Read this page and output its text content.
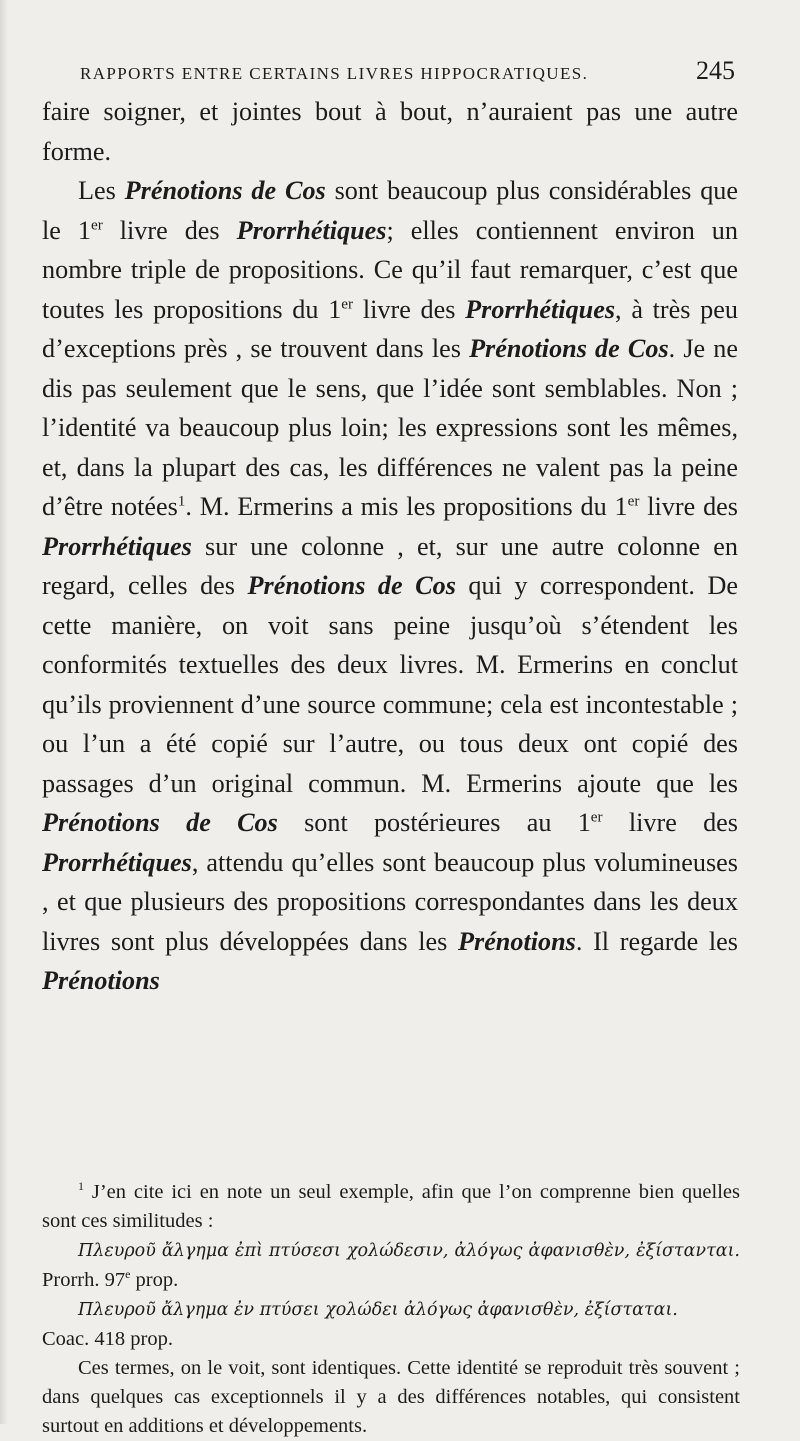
RAPPORTS ENTRE CERTAINS LIVRES HIPPOCRATIQUES.	245

faire soigner, et jointes bout à bout, n’auraient pas une autre forme.

Les Prénotions de Cos sont beaucoup plus considérables que le 1er livre des Prorrhétiques; elles contiennent environ un nombre triple de propositions. Ce qu’il faut remarquer, c’est que toutes les propositions du 1er livre des Prorrhétiques, à très peu d’exceptions près , se trouvent dans les Prénotions de Cos. Je ne dis pas seulement que le sens, que l’idée sont semblables. Non ; l’identité va beaucoup plus loin; les expressions sont les mêmes, et, dans la plupart des cas, les différences ne valent pas la peine d’être notées$^1$. M. Ermerins a mis les propositions du 1er livre des Prorrhétiques sur une colonne , et, sur une autre colonne en regard, celles des Prénotions de Cos qui y correspondent. De cette manière, on voit sans peine jusqu’où s’étendent les conformités textuelles des deux livres. M. Ermerins en conclut qu’ils proviennent d’une source commune; cela est incontestable ; ou l’un a été copié sur l’autre, ou tous deux ont copié des passages d’un original commun. M. Ermerins ajoute que les Prénotions de Cos sont postérieures au 1er livre des Prorrhétiques, attendu qu’elles sont beaucoup plus volumineuses , et que plusieurs des propositions correspondantes dans les deux livres sont plus développées dans les Prénotions. Il regarde les Prénotions

$^1$ J’en cite ici en note un seul exemple, afin que l’on comprenne bien quelles sont ces similitudes :

Πλευροῦ ἄλγημα ἐπὶ πτύσεσι χολώδεσιν, ἀλόγως ἀφανισθὲν, ἐξίστανται. Prorrh. 97e prop.

Πλευροῦ ἄλγημα ἐν πτύσει χολώδει ἀλόγως ἀφανισθὲν, ἐξίσταται.
Coac. 418 prop.

Ces termes, on le voit, sont identiques. Cette identité se reproduit très souvent ; dans quelques cas exceptionnels il y a des différences notables, qui consistent surtout en additions et développements.
